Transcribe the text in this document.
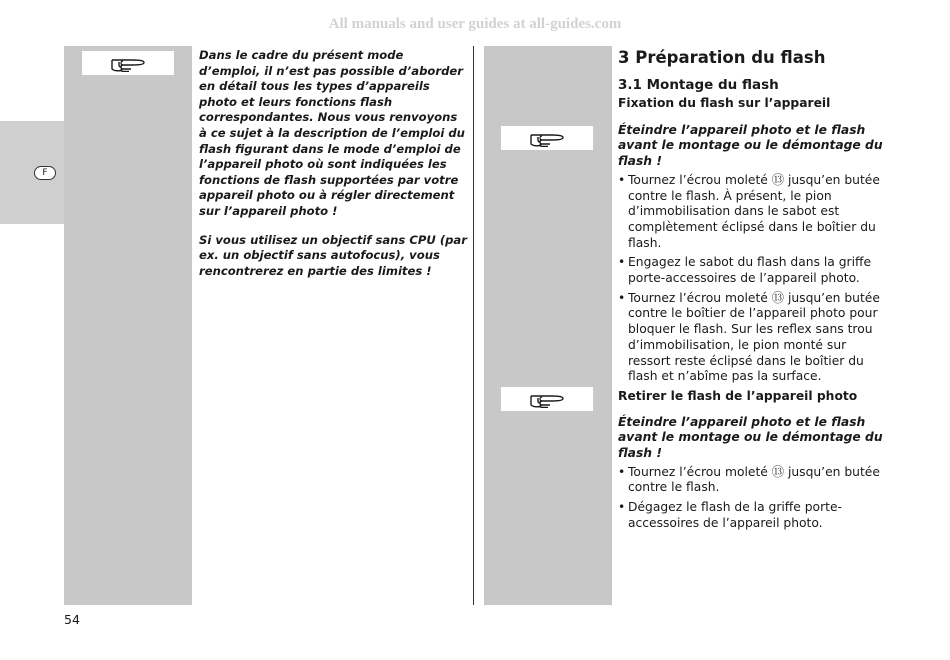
All manuals and user guides at all-guides.com
F

Dans le cadre du présent mode d’emploi, il n’est pas possible d’aborder en détail tous les types d’appareils photo et leurs fonctions flash correspondantes. Nous vous renvoyons à ce sujet à la description de l’emploi du flash figurant dans le mode d’emploi de l’appareil photo où sont indiquées les fonctions de flash supportées par votre appareil photo ou à régler directement sur l’appareil photo !

Si vous utilisez un objectif sans CPU (par ex. un objectif sans autofocus), vous rencontrerez en partie des limites !

3 Préparation du flash
3.1 Montage du flash
Fixation du flash sur l’appareil
Éteindre l’appareil photo et le flash avant le montage ou le démontage du flash !
• Tournez l’écrou moleté ⑬ jusqu’en butée contre le flash. À présent, le pion d’immobilisation dans le sabot est complètement éclipsé dans le boîtier du flash.
• Engagez le sabot du flash dans la griffe porte-accessoires de l’appareil photo.
• Tournez l’écrou moleté ⑬ jusqu’en butée contre le boîtier de l’appareil photo pour bloquer le flash. Sur les reflex sans trou d’immobilisation, le pion monté sur ressort reste éclipsé dans le boîtier du flash et n’abîme pas la surface.
Retirer le flash de l’appareil photo
Éteindre l’appareil photo et le flash avant le montage ou le démontage du flash !
• Tournez l’écrou moleté ⑬ jusqu’en butée contre le flash.
• Dégagez le flash de la griffe porte-accessoires de l’appareil photo.
54
